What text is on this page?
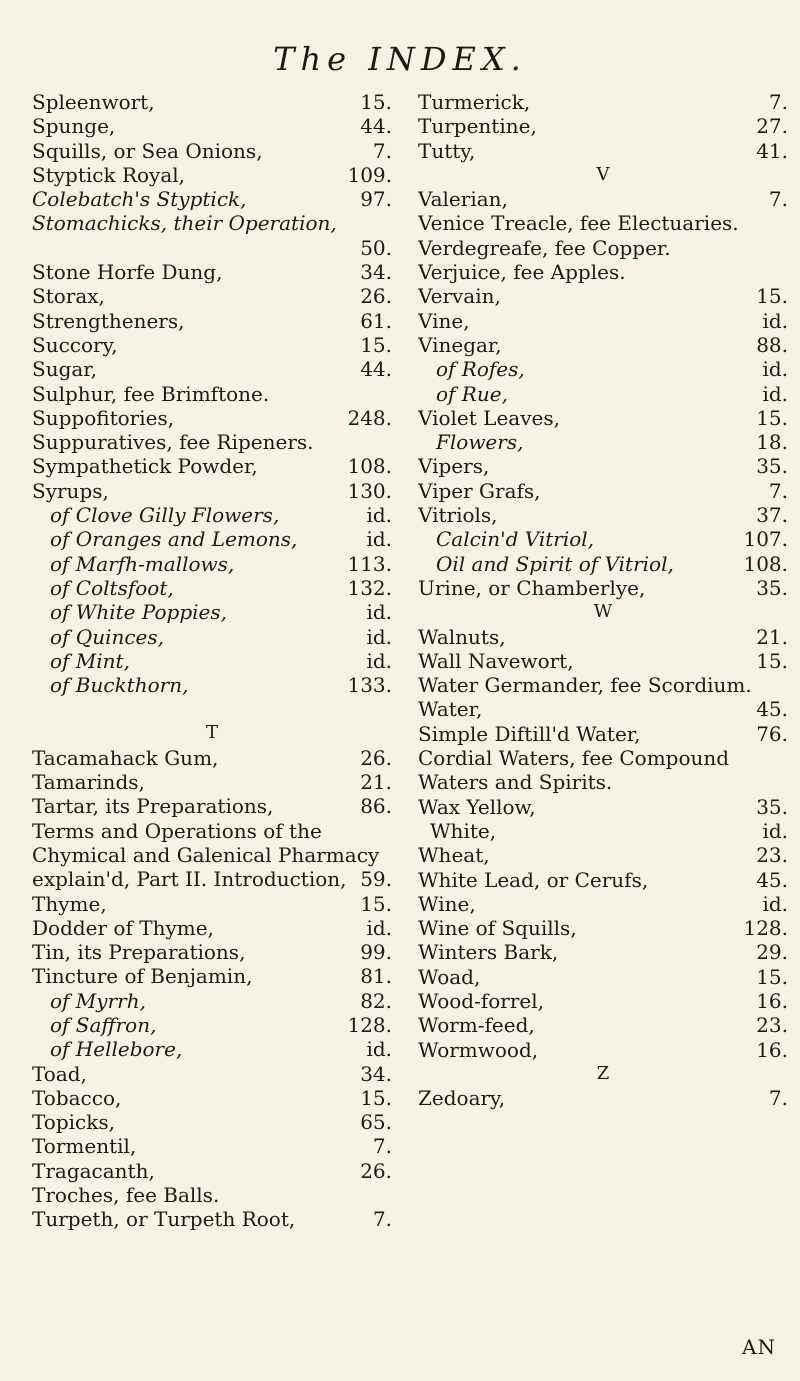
The INDEX.
Spleenwort,	15.
Spunge,	44.
Squills, or Sea Onions,	7.
Styptick Royal,	109.
Colebatch's Styptick,	97.
Stomachicks, their Operation,
50.
Stone Horfe Dung,	34.
Storax,	26.
Strengtheners,	61.
Succory,	15.
Sugar,	44.
Sulphur, fee Brimftone.
Suppofitories,	248.
Suppuratives, fee Ripeners.
Sympathetick Powder,	108.
Syrups,	130.
of Clove Gilly Flowers,	id.
of Oranges and Lemons,	id.
of Marfh-mallows,	113.
of Coltsfoot,	132.
of White Poppies,	id.
of Quinces,	id.
of Mint,	id.
of Buckthorn,	133.
T
Tacamahack Gum,	26.
Tamarinds,	21.
Tartar, its Preparations,	86.
Terms and Operations of the Chymical and Galenical Pharmacy explain'd, Part II. Introduction, 59.
Thyme,	15.
Dodder of Thyme,	id.
Tin, its Preparations,	99.
Tincture of Benjamin,	81.
of Myrrh,	82.
of Saffron,	128.
of Hellebore,	id.
Toad,	34.
Tobacco,	15.
Topicks,	65.
Tormentil,	7.
Tragacanth,	26.
Troches, fee Balls.
Turpeth, or Turpeth Root,	7.
Turmerick,	7.
Turpentine,	27.
Tutty,	41.
V
Valerian,	7.
Venice Treacle, fee Electuaries.
Verdegreafe, fee Copper.
Verjuice, fee Apples.
Vervain,	15.
Vine,	id.
Vinegar,	88.
of Rofes,	id.
of Rue,	id.
Violet Leaves,	15.
Flowers,	18.
Vipers,	35.
Viper Grafs,	7.
Vitriols,	37.
Calcin'd Vitriol,	107.
Oil and Spirit of Vitriol,	108.
Urine, or Chamberlye,	35.
W
Walnuts,	21.
Wall Navewort,	15.
Water Germander, fee Scordium.
Water,	45.
Simple Diftill'd Water,	76.
Cordial Waters, fee Compound
Waters and Spirits.
Wax Yellow,	35.
White,	id.
Wheat,	23.
White Lead, or Cerufs,	45.
Wine,	id.
Wine of Squills,	128.
Winters Bark,	29.
Woad,	15.
Wood-forrel,	16.
Worm-feed,	23.
Wormwood,	16.
Z
Zedoary,	7.
AN
